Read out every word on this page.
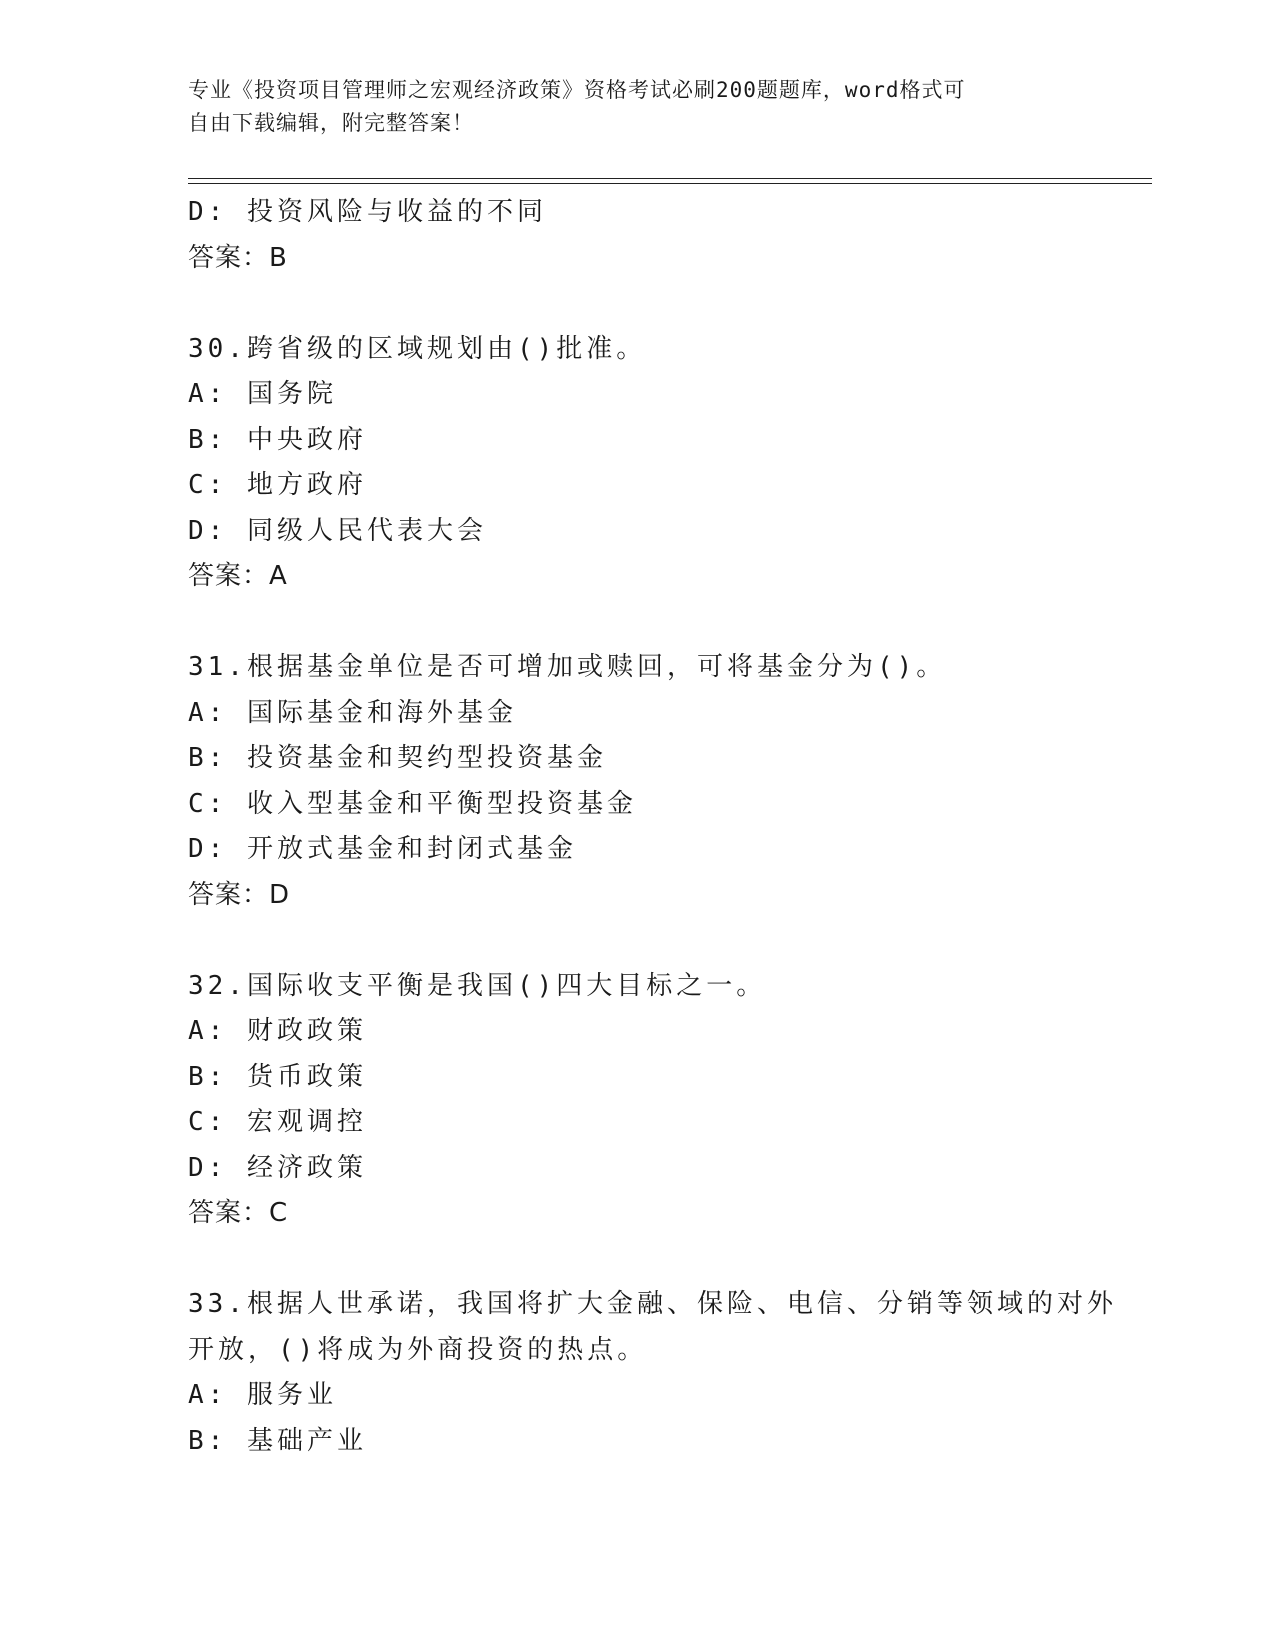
专业《投资项目管理师之宏观经济政策》资格考试必刷200题题库，word格式可
自由下载编辑，附完整答案！
D: 投资风险与收益的不同
答案：B
30.跨省级的区域规划由()批准。
A: 国务院
B: 中央政府
C: 地方政府
D: 同级人民代表大会
答案：A
31.根据基金单位是否可增加或赎回，可将基金分为()。
A: 国际基金和海外基金
B: 投资基金和契约型投资基金
C: 收入型基金和平衡型投资基金
D: 开放式基金和封闭式基金
答案：D
32.国际收支平衡是我国()四大目标之一。
A: 财政政策
B: 货币政策
C: 宏观调控
D: 经济政策
答案：C
33.根据人世承诺，我国将扩大金融、保险、电信、分销等领域的对外
开放，()将成为外商投资的热点。
A: 服务业
B: 基础产业
